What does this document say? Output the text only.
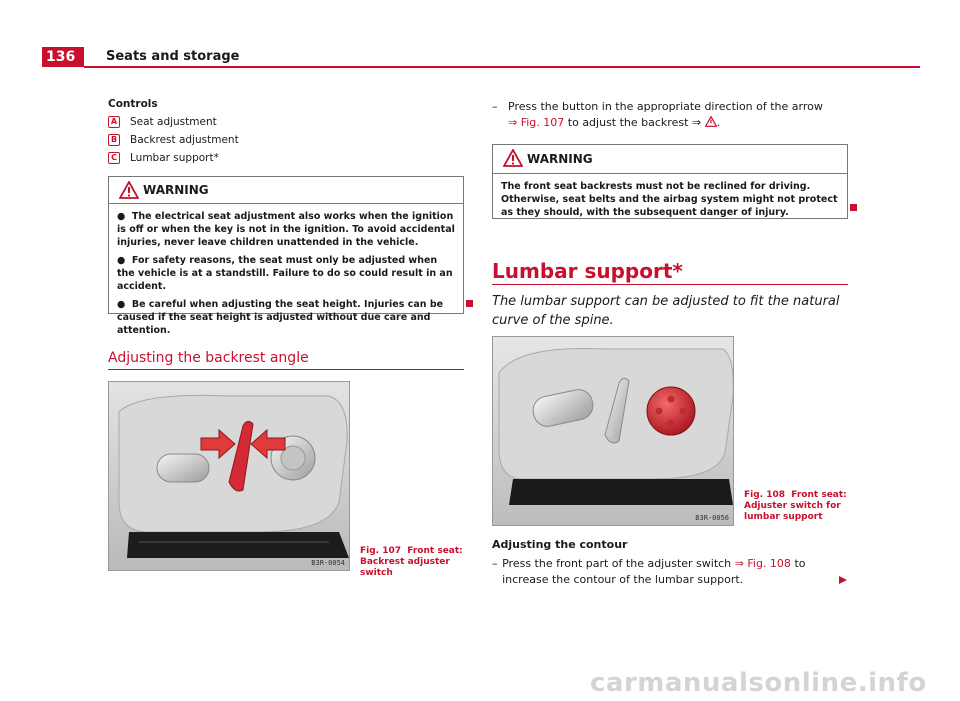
136	Seats and storage
Controls
A Seat adjustment
B Backrest adjustment
C Lumbar support*
WARNING

● The electrical seat adjustment also works when the ignition is off or when the key is not in the ignition. To avoid accidental injuries, never leave children unattended in the vehicle.

● For safety reasons, the seat must only be adjusted when the vehicle is at a standstill. Failure to do so could result in an accident.

● Be careful when adjusting the seat height. Injuries can be caused if the seat height is adjusted without due care and attention.

Adjusting the backrest angle
B3R-0054
Fig. 107 Front seat: Backrest adjuster switch
– Press the button in the appropriate direction of the arrow
⇒ Fig. 107 to adjust the backrest ⇒ .
WARNING
The front seat backrests must not be reclined for driving. Otherwise, seat belts and the airbag system might not protect as they should, with the subsequent danger of injury.
Lumbar support*
The lumbar support can be adjusted to fit the natural curve of the spine.
B3R-0056
Fig. 108 Front seat: Adjuster switch for lumbar support
Adjusting the contour
– Press the front part of the adjuster switch ⇒ Fig. 108 to increase the contour of the lumbar support.
carmanualsonline.info
